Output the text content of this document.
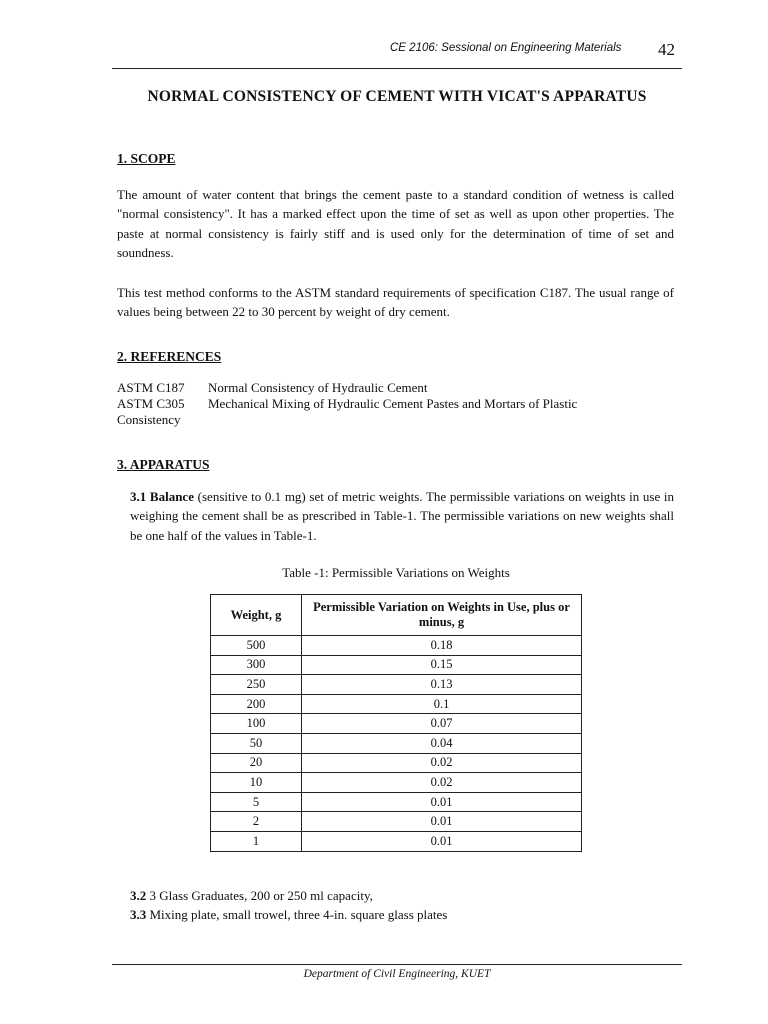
CE 2106: Sessional on Engineering Materials 42
NORMAL CONSISTENCY OF CEMENT WITH VICAT'S APPARATUS
1. SCOPE
The amount of water content that brings the cement paste to a standard condition of wetness is called "normal consistency". It has a marked effect upon the time of set as well as upon other properties. The paste at normal consistency is fairly stiff and is used only for the determination of time of set and soundness.
This test method conforms to the ASTM standard requirements of specification C187. The usual range of values being between 22 to 30 percent by weight of dry cement.
2. REFERENCES
ASTM C187 Normal Consistency of Hydraulic Cement
ASTM C305 Mechanical Mixing of Hydraulic Cement Pastes and Mortars of Plastic
Consistency
3. APPARATUS
3.1 Balance (sensitive to 0.1 mg) set of metric weights. The permissible variations on weights in use in weighing the cement shall be as prescribed in Table-1. The permissible variations on new weights shall be one half of the values in Table-1.
Table -1: Permissible Variations on Weights
Weight, g	Permissible Variation on Weights in Use, plus or minus, g
500	0.18
300	0.15
250	0.13
200	0.1
100	0.07
50	0.04
20	0.02
10	0.02
5	0.01
2	0.01
1	0.01
3.2 3 Glass Graduates, 200 or 250 ml capacity,
3.3 Mixing plate, small trowel, three 4-in. square glass plates
Department of Civil Engineering, KUET
